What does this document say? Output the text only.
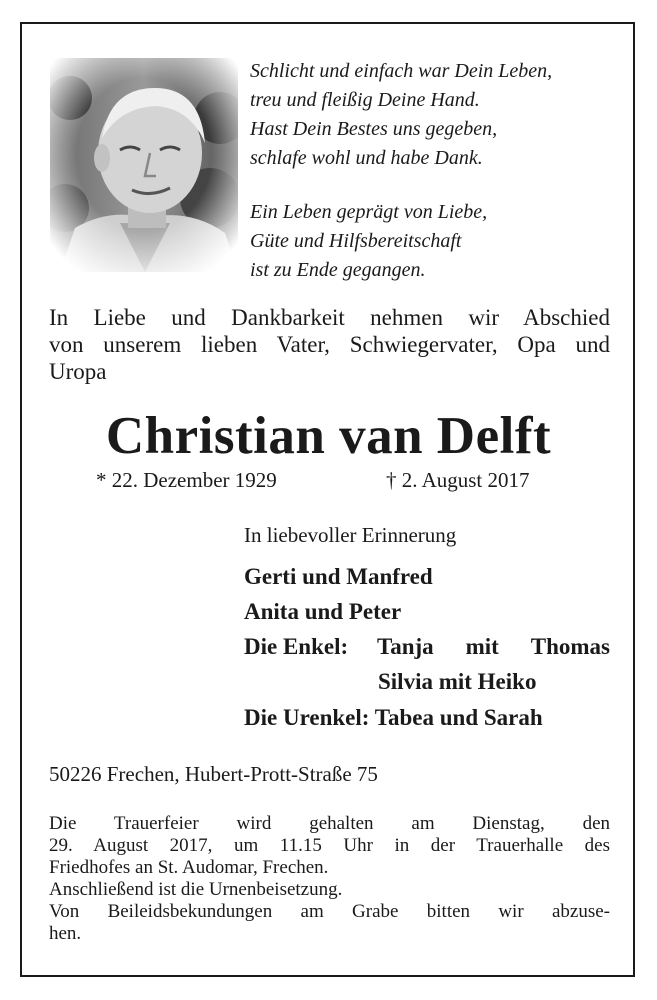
Schlicht und einfach war Dein Leben,
treu und fleißig Deine Hand.
Hast Dein Bestes uns gegeben,
schlafe wohl und habe Dank.
Ein Leben geprägt von Liebe,
Güte und Hilfsbereitschaft
ist zu Ende gegangen.
In Liebe und Dankbarkeit nehmen wir Abschied
von unserem lieben Vater, Schwiegervater, Opa und
Uropa
Christian van Delft
* 22. Dezember 1929	† 2. August 2017
In liebevoller Erinnerung
Gerti und Manfred
Anita und Peter
Die Enkel:	Tanja mit Thomas
Silvia mit Heiko
Die Urenkel: Tabea und Sarah
50226 Frechen, Hubert-Prott-Straße 75
Die Trauerfeier wird gehalten am Dienstag, den
29. August 2017, um 11.15 Uhr in der Trauerhalle des
Friedhofes an St. Audomar, Frechen.
Anschließend ist die Urnenbeisetzung.
Von Beileidsbekundungen am Grabe bitten wir abzuse-
hen.
